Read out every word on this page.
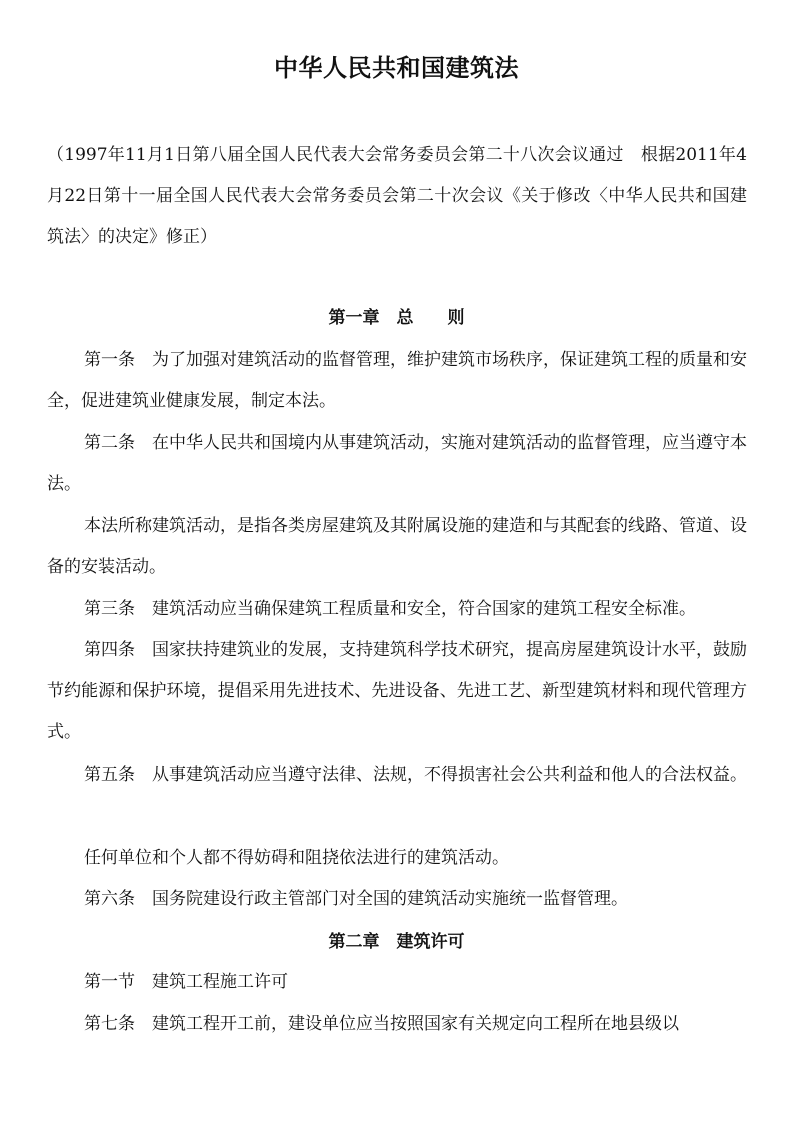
中华人民共和国建筑法
（1997年11月1日第八届全国人民代表大会常务委员会第二十八次会议通过　根据2011年4月22日第十一届全国人民代表大会常务委员会第二十次会议《关于修改〈中华人民共和国建筑法〉的决定》修正）
第一章　总　　则
第一条　为了加强对建筑活动的监督管理，维护建筑市场秩序，保证建筑工程的质量和安全，促进建筑业健康发展，制定本法。
第二条　在中华人民共和国境内从事建筑活动，实施对建筑活动的监督管理，应当遵守本法。
本法所称建筑活动，是指各类房屋建筑及其附属设施的建造和与其配套的线路、管道、设备的安装活动。
第三条　建筑活动应当确保建筑工程质量和安全，符合国家的建筑工程安全标准。
第四条　国家扶持建筑业的发展，支持建筑科学技术研究，提高房屋建筑设计水平，鼓励节约能源和保护环境，提倡采用先进技术、先进设备、先进工艺、新型建筑材料和现代管理方式。
第五条　从事建筑活动应当遵守法律、法规，不得损害社会公共利益和他人的合法权益。
任何单位和个人都不得妨碍和阻挠依法进行的建筑活动。
第六条　国务院建设行政主管部门对全国的建筑活动实施统一监督管理。
第二章　建筑许可
第一节　建筑工程施工许可
第七条　建筑工程开工前，建设单位应当按照国家有关规定向工程所在地县级以
